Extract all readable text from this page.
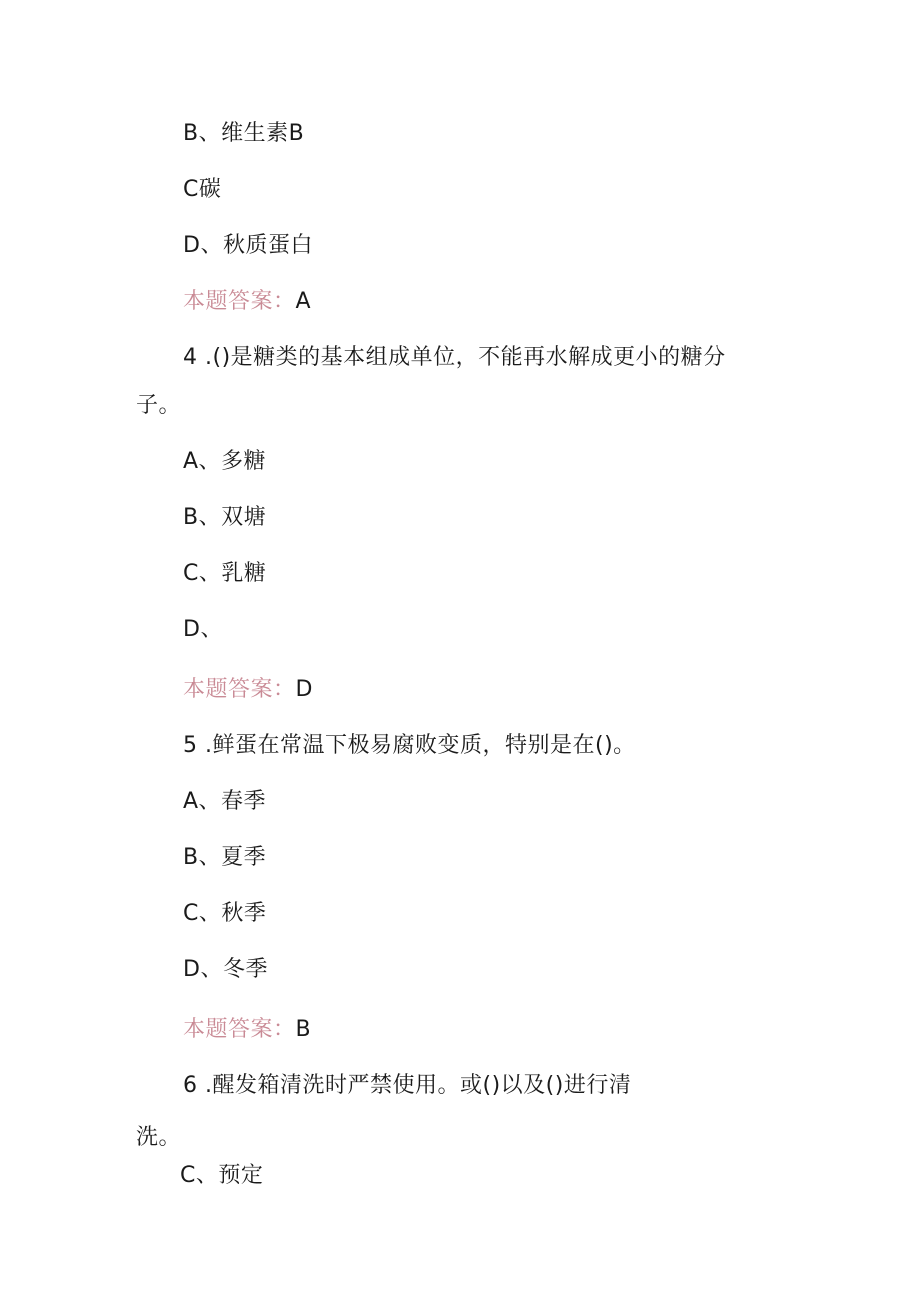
B、维生素B
C碳
D、秋质蛋白
本题答案：A
4 .()是糖类的基本组成单位，不能再水解成更小的糖分
子。
A、多糖
B、双塘
C、乳糖
D、
本题答案：D
5 .鲜蛋在常温下极易腐败变质，特别是在()。
A、春季
B、夏季
C、秋季
D、冬季
本题答案：B
6 .醒发箱清洗时严禁使用。或()以及()进行清
洗。
C、预定
